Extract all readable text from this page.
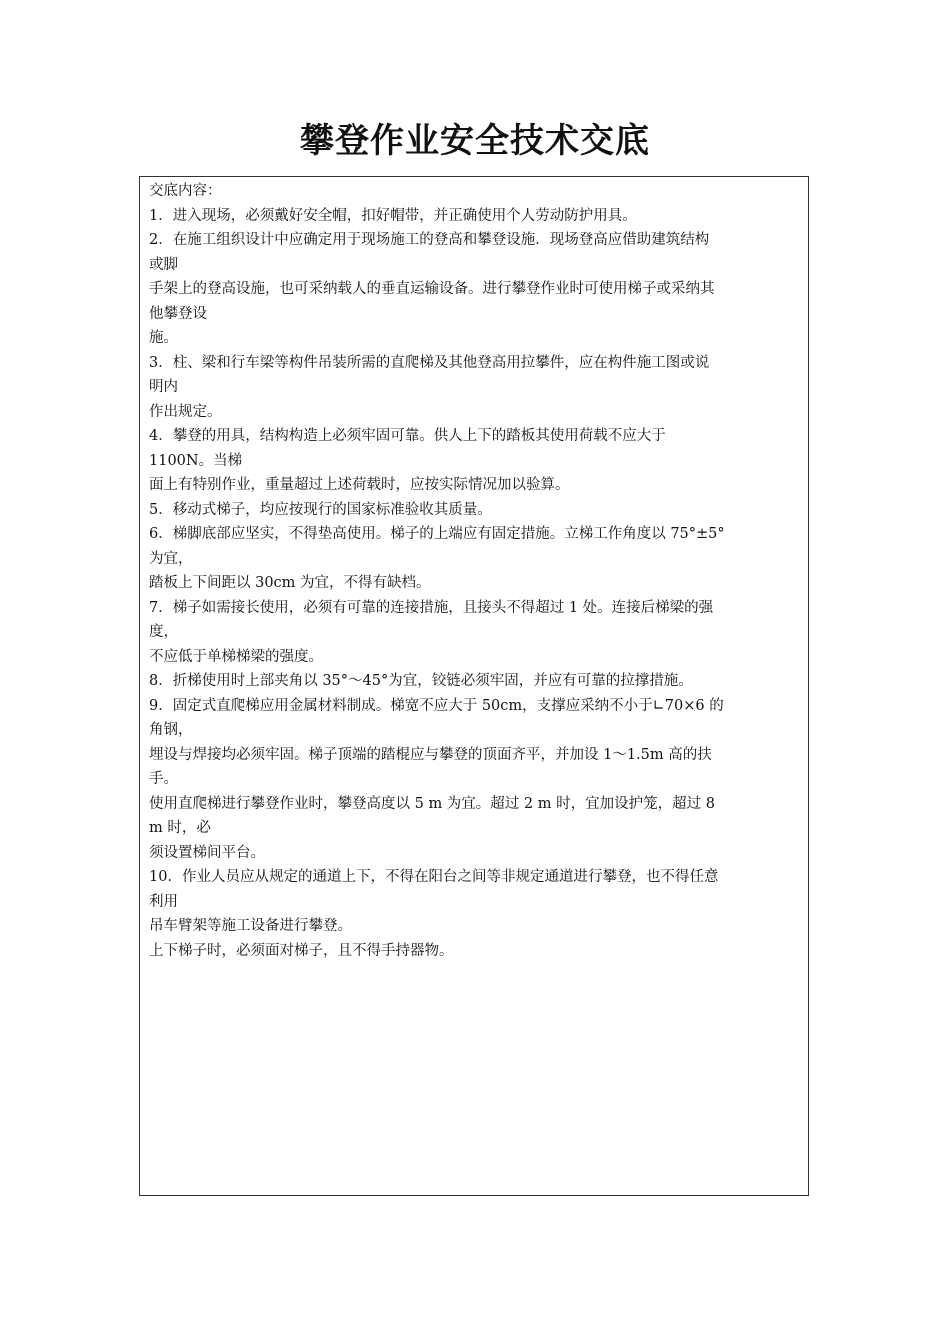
攀登作业安全技术交底
交底内容：
1．进入现场，必须戴好安全帽，扣好帽带，并正确使用个人劳动防护用具。
2．在施工组织设计中应确定用于现场施工的登高和攀登设施．现场登高应借助建筑结构
或脚
手架上的登高设施，也可采纳载人的垂直运输设备。进行攀登作业时可使用梯子或采纳其
他攀登设
施。
3．柱、梁和行车梁等构件吊装所需的直爬梯及其他登高用拉攀件，应在构件施工图或说
明内
作出规定。
4．攀登的用具，结构构造上必须牢固可靠。供人上下的踏板其使用荷载不应大于
1100N。当梯
面上有特别作业，重量超过上述荷载时，应按实际情况加以验算。
5．移动式梯子，均应按现行的国家标准验收其质量。
6．梯脚底部应坚实，不得垫高使用。梯子的上端应有固定措施。立梯工作角度以 75°±5°
为宜，
踏板上下间距以 30cm 为宜，不得有缺档。
7．梯子如需接长使用，必须有可靠的连接措施，且接头不得超过 1 处。连接后梯梁的强
度，
不应低于单梯梯梁的强度。
8．折梯使用时上部夹角以 35°～45°为宜，铰链必须牢固，并应有可靠的拉撑措施。
9．固定式直爬梯应用金属材料制成。梯宽不应大于 50cm，支撑应采纳不小于∟70×6 的
角钢，
埋设与焊接均必须牢固。梯子顶端的踏棍应与攀登的顶面齐平，并加设 1～1.5m 高的扶
手。
使用直爬梯进行攀登作业时，攀登高度以 5 m 为宜。超过 2 m 时，宜加设护笼，超过 8
m 时，必
须设置梯间平台。
10．作业人员应从规定的通道上下，不得在阳台之间等非规定通道进行攀登，也不得任意
利用
吊车臂架等施工设备进行攀登。
上下梯子时，必须面对梯子，且不得手持器物。
